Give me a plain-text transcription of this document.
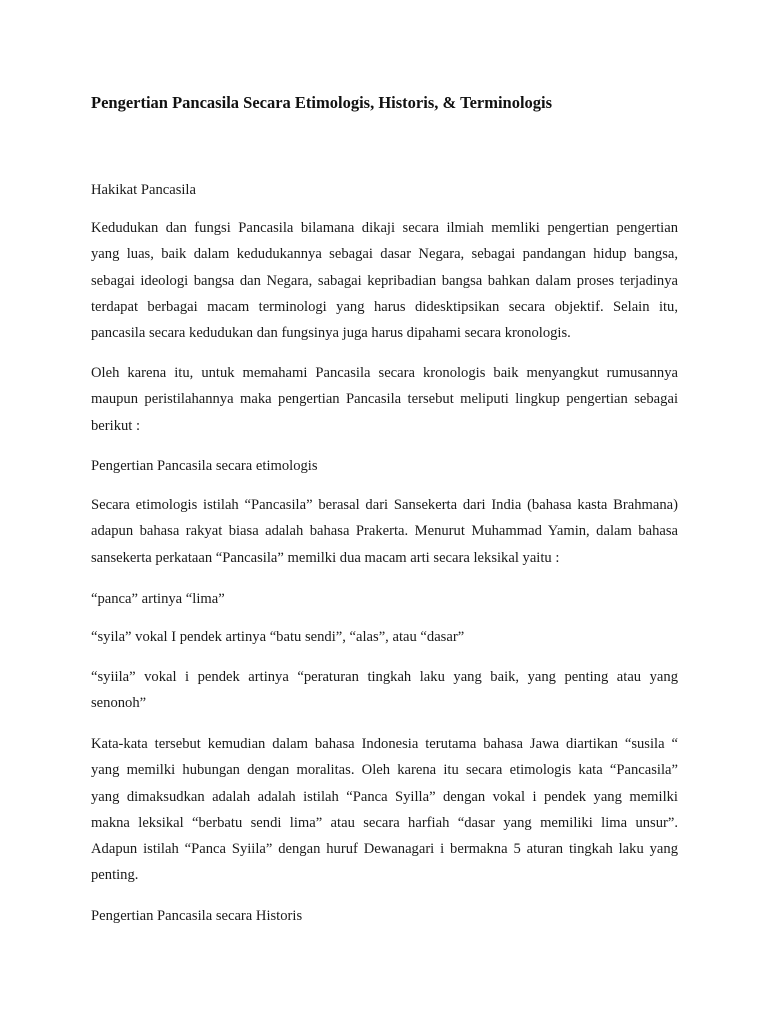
Pengertian Pancasila Secara Etimologis, Historis, & Terminologis
Hakikat Pancasila
Kedudukan dan fungsi Pancasila bilamana dikaji secara ilmiah memliki pengertian pengertian
yang luas, baik dalam kedudukannya sebagai dasar Negara, sebagai pandangan hidup bangsa,
sebagai ideologi bangsa dan Negara, sabagai kepribadian bangsa bahkan dalam proses terjadinya
terdapat berbagai macam terminologi yang harus didesktipsikan secara objektif. Selain itu,
pancasila secara kedudukan dan fungsinya juga harus dipahami secara kronologis.
Oleh karena itu, untuk memahami Pancasila secara kronologis baik menyangkut rumusannya
maupun peristilahannya maka pengertian Pancasila tersebut meliputi lingkup pengertian sebagai
berikut :
Pengertian Pancasila secara etimologis
Secara etimologis istilah “Pancasila” berasal dari Sansekerta dari India (bahasa kasta Brahmana)
adapun bahasa rakyat biasa adalah bahasa Prakerta. Menurut Muhammad Yamin, dalam bahasa
sansekerta perkataan “Pancasila” memilki dua macam arti secara leksikal yaitu :
“panca” artinya “lima”
“syila” vokal I pendek artinya “batu sendi”, “alas”, atau “dasar”
“syiila” vokal i pendek artinya “peraturan tingkah laku yang baik, yang penting atau yang
senonoh”
Kata-kata tersebut kemudian dalam bahasa Indonesia terutama bahasa Jawa diartikan “susila “
yang memilki hubungan dengan moralitas. Oleh karena itu secara etimologis kata “Pancasila”
yang dimaksudkan adalah adalah istilah “Panca Syilla” dengan vokal i pendek yang memilki
makna leksikal “berbatu sendi lima” atau secara harfiah “dasar yang memiliki lima unsur”.
Adapun istilah “Panca Syiila” dengan huruf Dewanagari i bermakna 5 aturan tingkah laku yang
penting.
Pengertian Pancasila secara Historis
